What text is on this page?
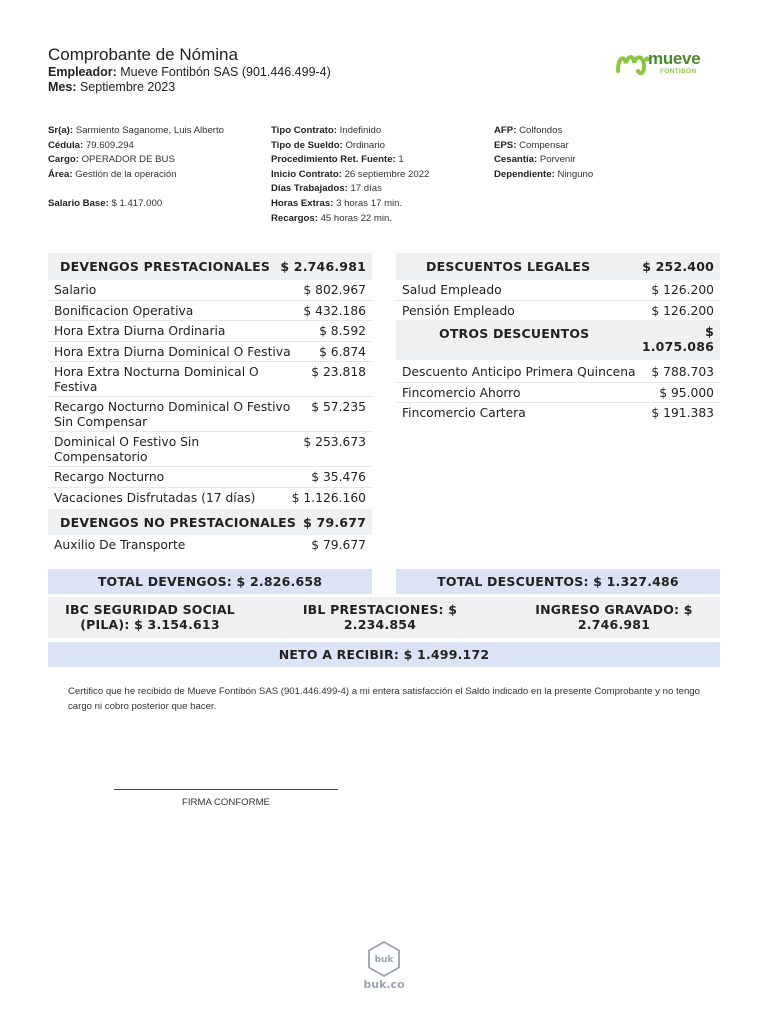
Comprobante de Nómina
Empleador: Mueve Fontibón SAS (901.446.499-4)
Mes: Septiembre 2023
mueve
FONTIBÓN
Sr(a): Sarmiento Saganome, Luis Alberto
Cédula: 79.609.294
Cargo: OPERADOR DE BUS
Área: Gestión de la operación
Salario Base: $ 1.417.000
Tipo Contrato: Indefinido
Tipo de Sueldo: Ordinario
Procedimiento Ret. Fuente: 1
Inicio Contrato: 26 septiembre 2022
Días Trabajados: 17 días
Horas Extras: 3 horas 17 min.
Recargos: 45 horas 22 min.
AFP: Colfondos
EPS: Compensar
Cesantía: Porvenir
Dependiente: Ninguno
DEVENGOS PRESTACIONALES $ 2.746.981
Salario	$ 802.967
Bonificacion Operativa	$ 432.186
Hora Extra Diurna Ordinaria	$ 8.592
Hora Extra Diurna Dominical O Festiva	$ 6.874
Hora Extra Nocturna Dominical O Festiva
$ 23.818
Recargo Nocturno Dominical O Festivo Sin Compensar
$ 57.235
Dominical O Festivo Sin Compensatorio
$ 253.673
Recargo Nocturno	$ 35.476
Vacaciones Disfrutadas (17 días)	$ 1.126.160
DEVENGOS NO PRESTACIONALES $ 79.677
Auxilio De Transporte	$ 79.677
DESCUENTOS LEGALES	$ 252.400
Salud Empleado	$ 126.200
Pensión Empleado	$ 126.200
OTROS DESCUENTOS	$ 1.075.086
Descuento Anticipo Primera Quincena	$ 788.703
Fincomercio Ahorro	$ 95.000
Fincomercio Cartera	$ 191.383
TOTAL DEVENGOS: $ 2.826.658	TOTAL DESCUENTOS: $ 1.327.486
IBC SEGURIDAD SOCIAL (PILA): $ 3.154.613
IBL PRESTACIONES: $ 2.234.854
INGRESO GRAVADO: $ 2.746.981
NETO A RECIBIR: $ 1.499.172
Certifico que he recibido de Mueve Fontibón SAS (901.446.499-4) a mi entera satisfacción el Saldo indicado en la presente Comprobante y no tengo cargo ni cobro posterior que hacer.
FIRMA CONFORME
buk
buk.co
